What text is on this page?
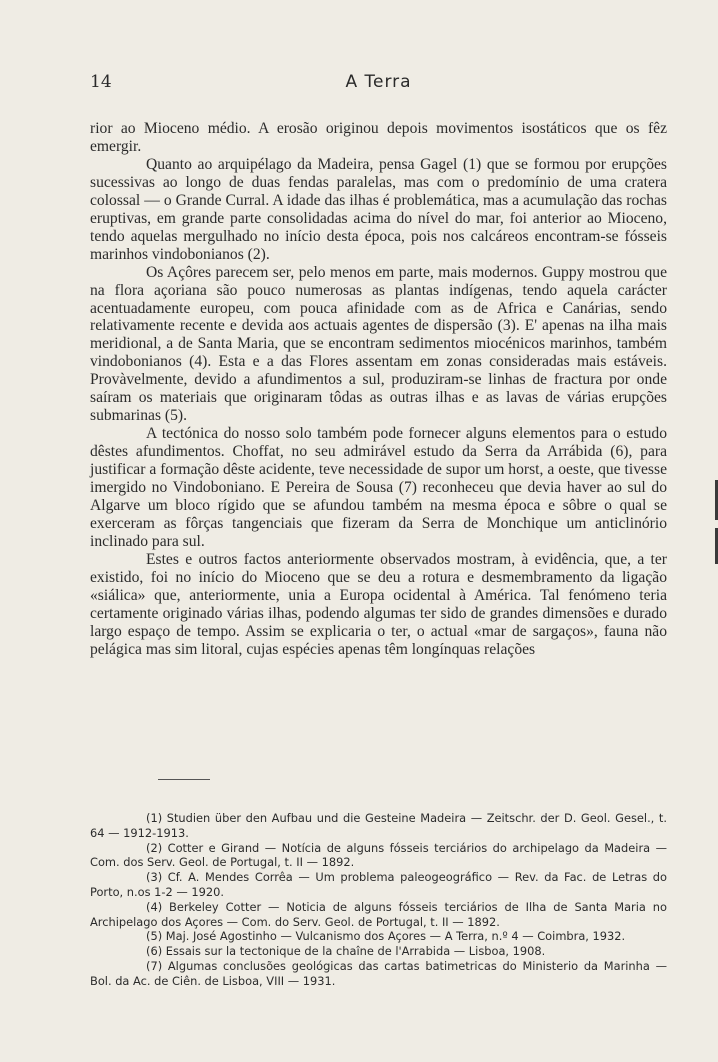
14	A Terra

rior ao Mioceno médio. A erosão originou depois movimentos isostáticos que os fêz emergir.

Quanto ao arquipélago da Madeira, pensa Gagel (1) que se formou por erupções sucessivas ao longo de duas fendas paralelas, mas com o predomínio de uma cratera colossal — o Grande Curral. A idade das ilhas é problemática, mas a acumulação das rochas eruptivas, em grande parte consolidadas acima do nível do mar, foi anterior ao Mioceno, tendo aquelas mergulhado no início desta época, pois nos calcáreos encontram-se fósseis marinhos vindobonianos (2).

Os Açôres parecem ser, pelo menos em parte, mais modernos. Guppy mostrou que na flora açoriana são pouco numerosas as plantas indígenas, tendo aquela carácter acentuadamente europeu, com pouca afinidade com as de Africa e Canárias, sendo relativamente recente e devida aos actuais agentes de dispersão (3). E' apenas na ilha mais meridional, a de Santa Maria, que se encontram sedimentos miocénicos marinhos, também vindobonianos (4). Esta e a das Flores assentam em zonas consideradas mais estáveis. Provàvelmente, devido a afundimentos a sul, produziram-se linhas de fractura por onde saíram os materiais que originaram tôdas as outras ilhas e as lavas de várias erupções submarinas (5).

A tectónica do nosso solo também pode fornecer alguns elementos para o estudo dêstes afundimentos. Choffat, no seu admirável estudo da Serra da Arrábida (6), para justificar a formação dêste acidente, teve necessidade de supor um horst, a oeste, que tivesse imergido no Vindoboniano. E Pereira de Sousa (7) reconheceu que devia haver ao sul do Algarve um bloco rígido que se afundou também na mesma época e sôbre o qual se exerceram as fôrças tangenciais que fizeram da Serra de Monchique um anticlinório inclinado para sul.

Estes e outros factos anteriormente observados mostram, à evidência, que, a ter existido, foi no início do Mioceno que se deu a rotura e desmembramento da ligação «siálica» que, anteriormente, unia a Europa ocidental à América. Tal fenómeno teria certamente originado várias ilhas, podendo algumas ter sido de grandes dimensões e durado largo espaço de tempo. Assim se explicaria o ter, o actual «mar de sargaços», fauna não pelágica mas sim litoral, cujas espécies apenas têm longínquas relações

(1) Studien über den Aufbau und die Gesteine Madeira — Zeitschr. der D. Geol. Gesel., t. 64 — 1912-1913.

(2) Cotter e Girand — Notícia de alguns fósseis terciários do archipelago da Madeira — Com. dos Serv. Geol. de Portugal, t. II — 1892.

(3) Cf. A. Mendes Corrêa — Um problema paleogeográfico — Rev. da Fac. de Letras do Porto, n.os 1-2 — 1920.

(4) Berkeley Cotter — Noticia de alguns fósseis terciários de Ilha de Santa Maria no Archipelago dos Açores — Com. do Serv. Geol. de Portugal, t. II — 1892.

(5) Maj. José Agostinho — Vulcanismo dos Açores — A Terra, n.º 4 — Coimbra, 1932.

(6) Essais sur la tectonique de la chaîne de l'Arrabida — Lisboa, 1908.

(7) Algumas conclusões geológicas das cartas batimetricas do Ministerio da Marinha — Bol. da Ac. de Ciên. de Lisboa, VIII — 1931.
